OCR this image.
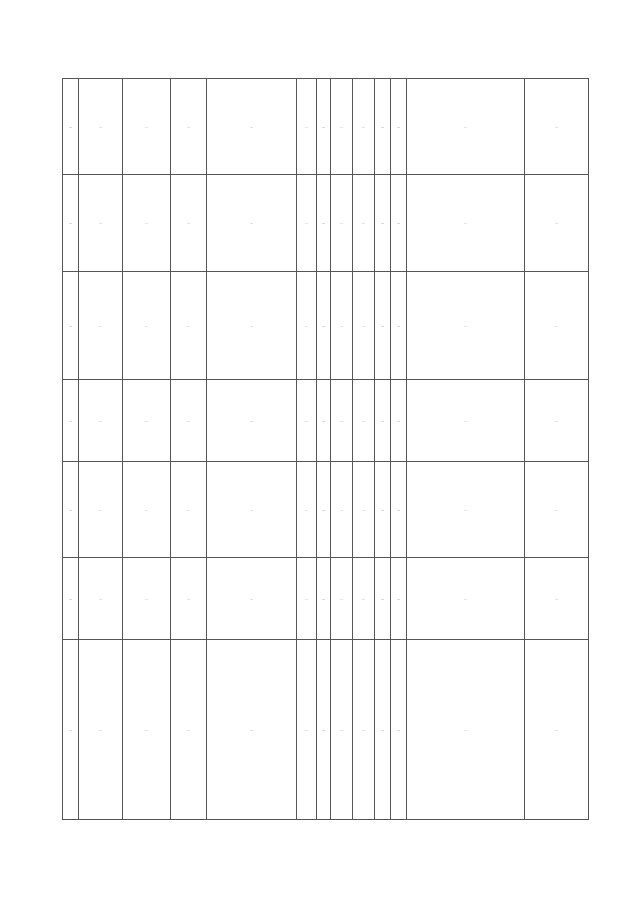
—	…	…	…	…	…	—	…	…	—	—	…	…
—	…	…	…	…	…	—	…	…	—	—	…	…
—	…	…	…	…	…	—	…	…	—	—	…	…
—	…	…	…	…	…	—	…	…	—	—	…	…
—	…	…	…	…	…	—	…	…	—	—	…	…
—	…	…	…	…	…	—	…	…	—	—	…	…
—	…	…	…	…	…	—	…	…	—	—	…	…
